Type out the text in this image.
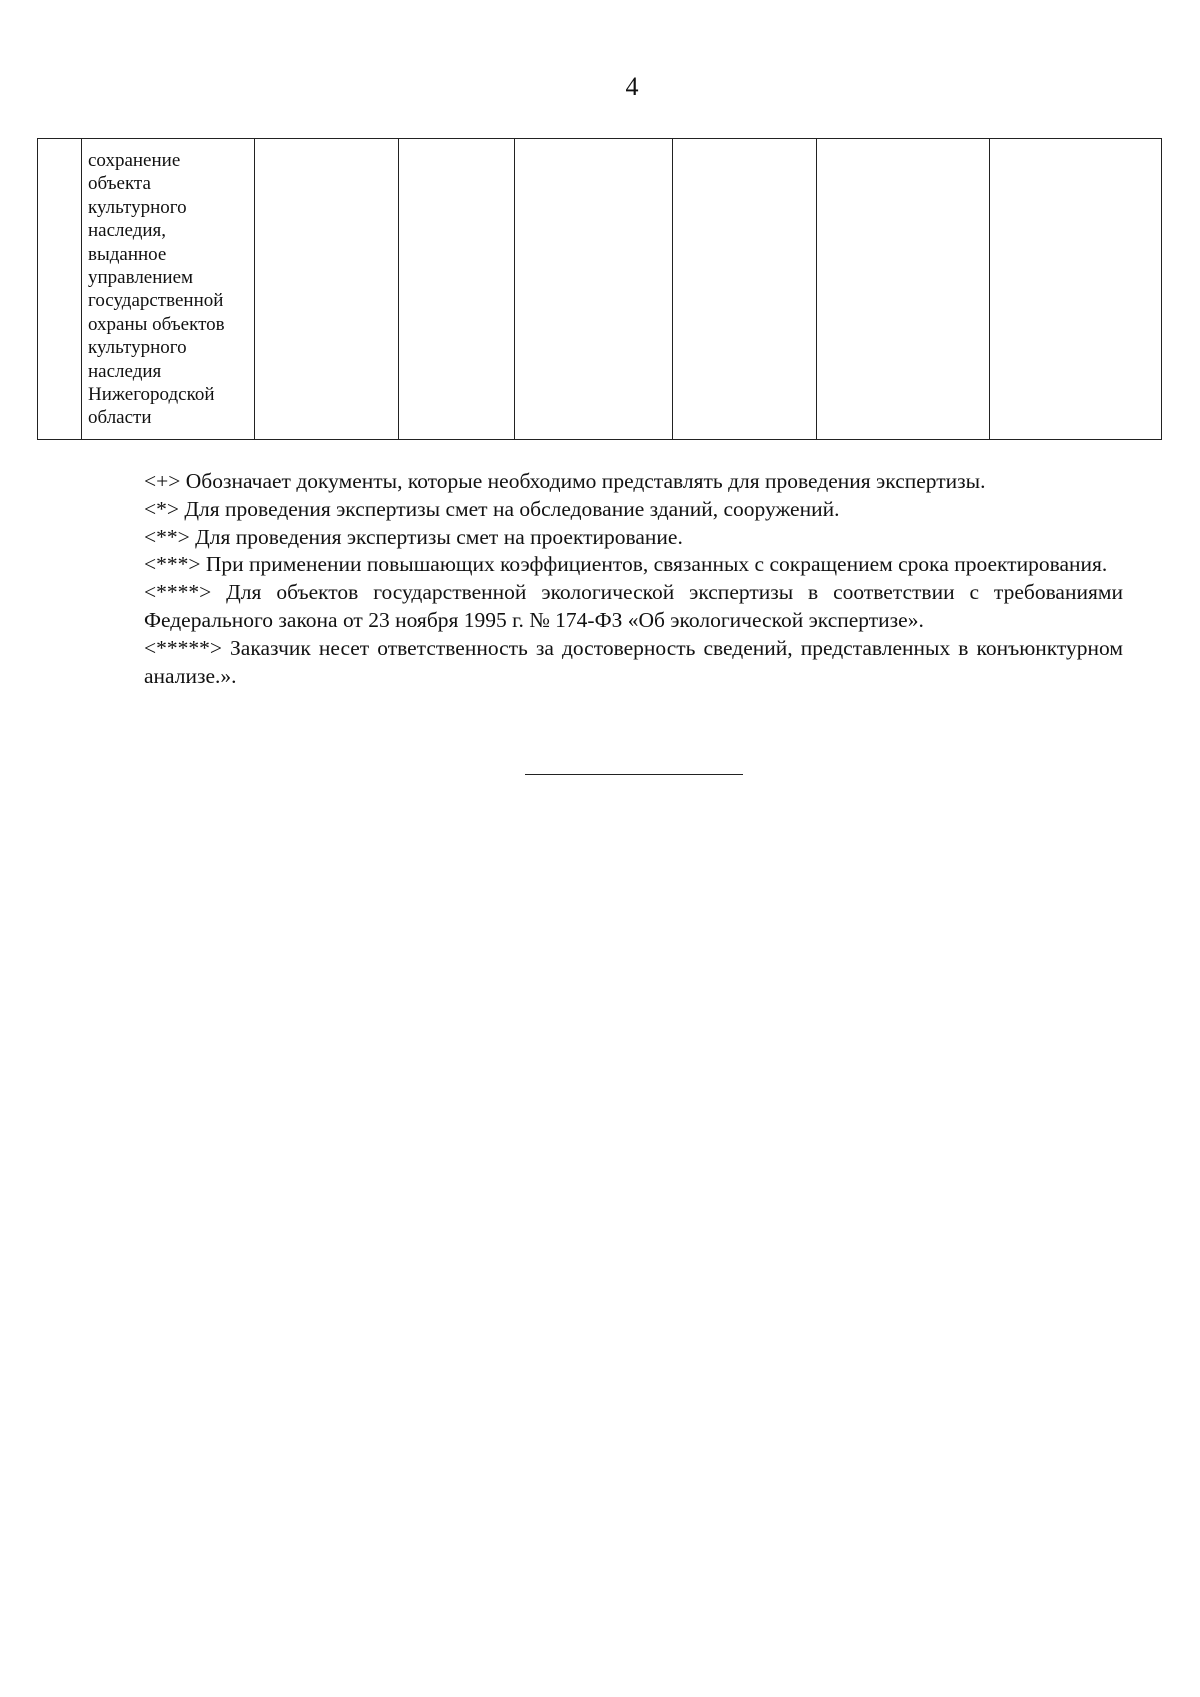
4

сохранение
объекта
культурного
наследия,
выданное
управлением
государственной
охраны объектов
культурного
наследия
Нижегородской
области

<+> Обозначает документы, которые необходимо представлять для проведения экспертизы.

<*> Для проведения экспертизы смет на обследование зданий, сооружений.

<**> Для проведения экспертизы смет на проектирование.

<***> При применении повышающих коэффициентов, связанных с сокращением срока проектирования.

<****> Для объектов государственной экологической экспертизы в соответствии с требованиями Федерального закона от 23 ноября 1995 г. № 174-ФЗ «Об экологической экспертизе».

<*****> Заказчик несет ответственность за достоверность сведений, представленных в конъюнктурном анализе.».
